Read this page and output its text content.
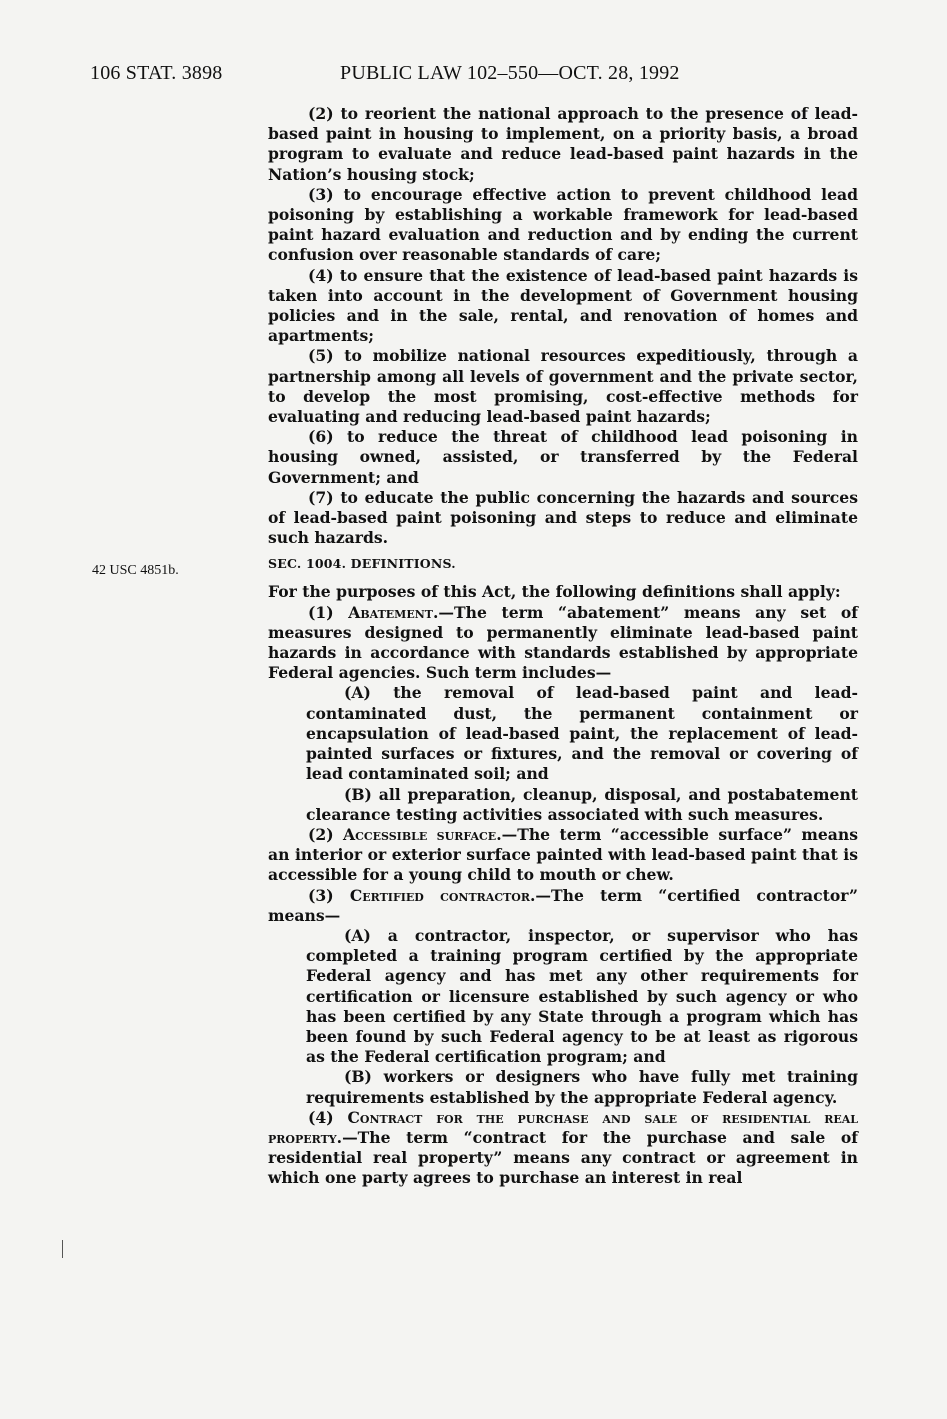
106 STAT. 3898	PUBLIC LAW 102–550—OCT. 28, 1992
42 USC 4851b.

(2) to reorient the national approach to the presence of lead-based paint in housing to implement, on a priority basis, a broad program to evaluate and reduce lead-based paint hazards in the Nation’s housing stock;

(3) to encourage effective action to prevent childhood lead poisoning by establishing a workable framework for lead-based paint hazard evaluation and reduction and by ending the current confusion over reasonable standards of care;

(4) to ensure that the existence of lead-based paint hazards is taken into account in the development of Government housing policies and in the sale, rental, and renovation of homes and apartments;

(5) to mobilize national resources expeditiously, through a partnership among all levels of government and the private sector, to develop the most promising, cost-effective methods for evaluating and reducing lead-based paint hazards;

(6) to reduce the threat of childhood lead poisoning in housing owned, assisted, or transferred by the Federal Government; and

(7) to educate the public concerning the hazards and sources of lead-based paint poisoning and steps to reduce and eliminate such hazards.

SEC. 1004. DEFINITIONS.

For the purposes of this Act, the following definitions shall apply:

(1) Abatement.—The term “abatement” means any set of measures designed to permanently eliminate lead-based paint hazards in accordance with standards established by appropriate Federal agencies. Such term includes—

(A) the removal of lead-based paint and lead-contaminated dust, the permanent containment or encapsulation of lead-based paint, the replacement of lead-painted surfaces or fixtures, and the removal or covering of lead contaminated soil; and

(B) all preparation, cleanup, disposal, and postabatement clearance testing activities associated with such measures.

(2) Accessible surface.—The term “accessible surface” means an interior or exterior surface painted with lead-based paint that is accessible for a young child to mouth or chew.

(3) Certified contractor.—The term “certified contractor” means—

(A) a contractor, inspector, or supervisor who has completed a training program certified by the appropriate Federal agency and has met any other requirements for certification or licensure established by such agency or who has been certified by any State through a program which has been found by such Federal agency to be at least as rigorous as the Federal certification program; and

(B) workers or designers who have fully met training requirements established by the appropriate Federal agency.

(4) Contract for the purchase and sale of residential real property.—The term “contract for the purchase and sale of residential real property” means any contract or agreement in which one party agrees to purchase an interest in real
